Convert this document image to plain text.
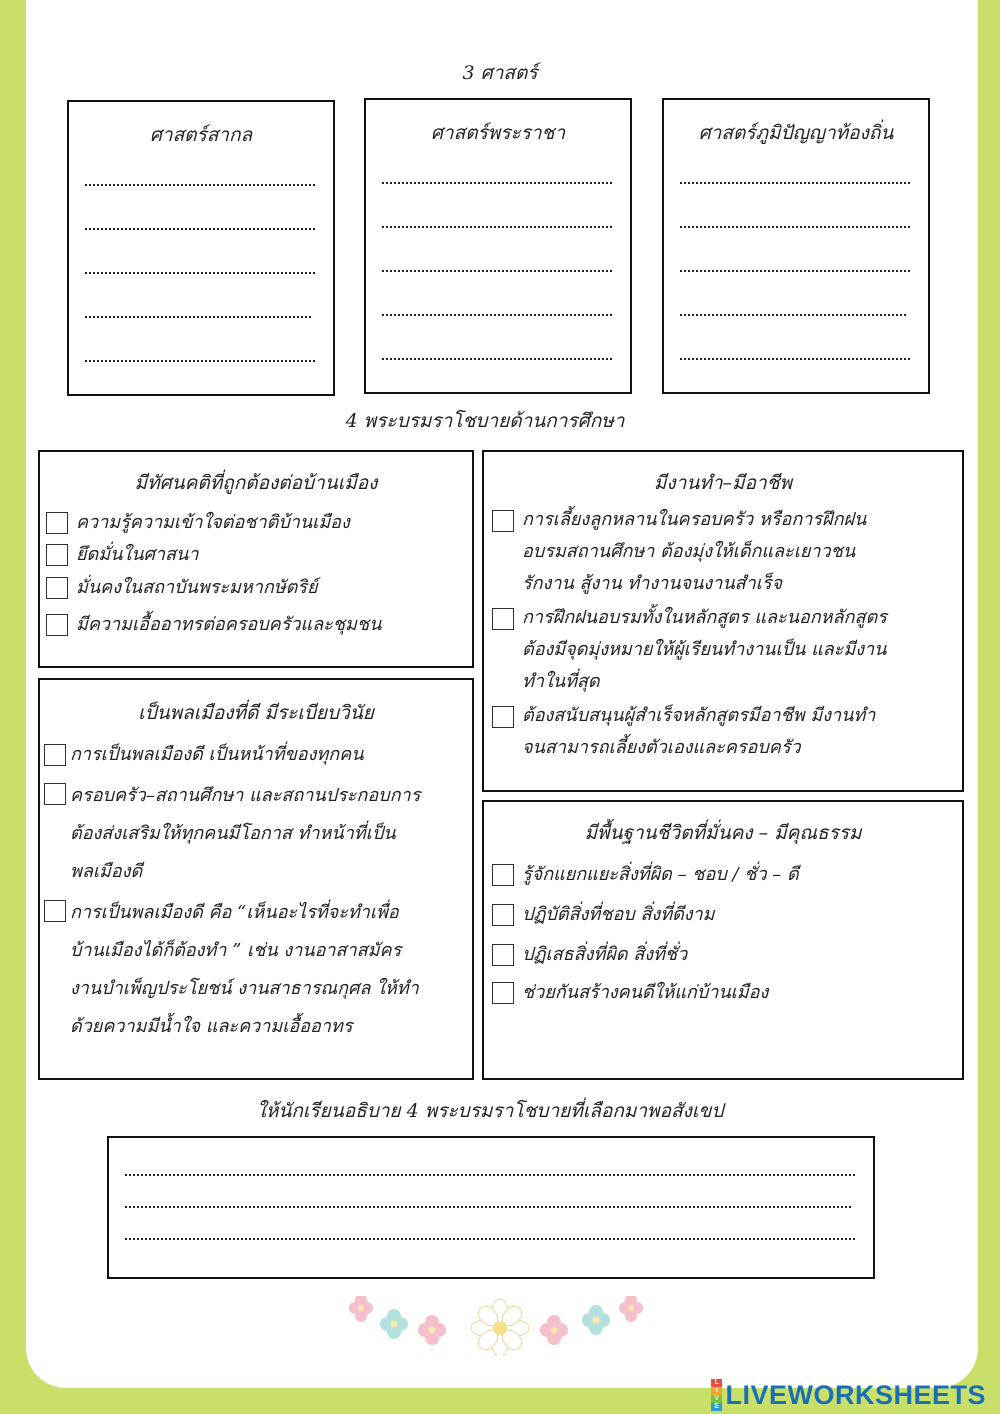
3 ศาสตร์
ศาสตร์สากล	ศาสตร์พระราชา	ศาสตร์ภูมิปัญญาท้องถิ่น
4 พระบรมราโชบายด้านการศึกษา
มีทัศนคติที่ถูกต้องต่อบ้านเมือง
ความรู้ความเข้าใจต่อชาติบ้านเมือง
ยึดมั่นในศาสนา
มั่นคงในสถาบันพระมหากษัตริย์
มีความเอื้ออาทรต่อครอบครัวและชุมชน
เป็นพลเมืองที่ดี มีระเบียบวินัย
การเป็นพลเมืองดี เป็นหน้าที่ของทุกคน
ครอบครัว–สถานศึกษา และสถานประกอบการ
ต้องส่งเสริมให้ทุกคนมีโอกาส ทำหน้าที่เป็น
พลเมืองดี
การเป็นพลเมืองดี คือ “เห็นอะไรที่จะทำเพื่อ
บ้านเมืองได้ก็ต้องทำ ” เช่น งานอาสาสมัคร
งานบำเพ็ญประโยชน์ งานสาธารณกุศล ให้ทำ
ด้วยความมีน้ำใจ และความเอื้ออาทร
มีงานทำ–มีอาชีพ
การเลี้ยงลูกหลานในครอบครัว หรือการฝึกฝน
อบรมสถานศึกษา ต้องมุ่งให้เด็กและเยาวชน
รักงาน สู้งาน ทำงานจนงานสำเร็จ
การฝึกฝนอบรมทั้งในหลักสูตร และนอกหลักสูตร
ต้องมีจุดมุ่งหมายให้ผู้เรียนทำงานเป็น และมีงาน
ทำในที่สุด
ต้องสนับสนุนผู้สำเร็จหลักสูตรมีอาชีพ มีงานทำ
จนสามารถเลี้ยงตัวเองและครอบครัว
มีพื้นฐานชีวิตที่มั่นคง – มีคุณธรรม
รู้จักแยกแยะสิ่งที่ผิด – ชอบ / ชั่ว – ดี
ปฏิบัติสิ่งที่ชอบ สิ่งที่ดีงาม
ปฏิเสธสิ่งที่ผิด สิ่งที่ชั่ว
ช่วยกันสร้างคนดีให้แก่บ้านเมือง
ให้นักเรียนอธิบาย 4 พระบรมราโชบายที่เลือกมาพอสังเขป
L
I
V
E LIVEWORKSHEETS
